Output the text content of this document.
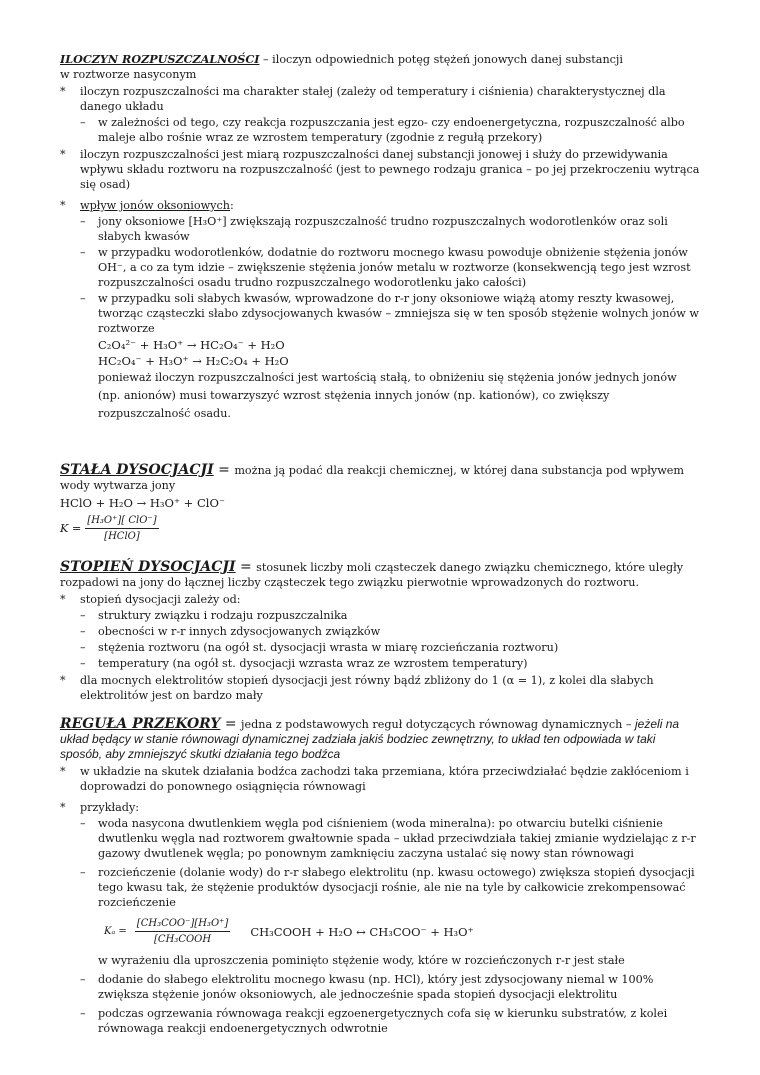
ILOCZYN ROZPUSZCZALNOŚCI – iloczyn odpowiednich potęg stężeń jonowych danej substancji
w roztworze nasyconym
* iloczyn rozpuszczalności ma charakter stałej (zależy od temperatury i ciśnienia) charakterystycznej dla danego układu
– w zależności od tego, czy reakcja rozpuszczania jest egzo- czy endoenergetyczna, rozpuszczalność albo maleje albo rośnie wraz ze wzrostem temperatury (zgodnie z regułą przekory)
* iloczyn rozpuszczalności jest miarą rozpuszczalności danej substancji jonowej i służy do przewidywania wpływu składu roztworu na rozpuszczalność (jest to pewnego rodzaju granica – po jej przekroczeniu wytrąca się osad)
* wpływ jonów oksoniowych:
– jony oksoniowe [H₃O⁺] zwiększają rozpuszczalność trudno rozpuszczalnych wodorotlenków oraz soli słabych kwasów
– w przypadku wodorotlenków, dodatnie do roztworu mocnego kwasu powoduje obniżenie stężenia jonów OH⁻, a co za tym idzie – zwiększenie stężenia jonów metalu w roztworze (konsekwencją tego jest wzrost rozpuszczalności osadu trudno rozpuszczalnego wodorotlenku jako całości)
– w przypadku soli słabych kwasów, wprowadzone do r-r jony oksoniowe wiążą atomy reszty kwasowej, tworząc cząsteczki słabo zdysocjowanych kwasów – zmniejsza się w ten sposób stężenie wolnych jonów w roztworze
C₂O₄²⁻ + H₃O⁺ → HC₂O₄⁻ + H₂O
HC₂O₄⁻ + H₃O⁺ → H₂C₂O₄ + H₂O
ponieważ iloczyn rozpuszczalności jest wartością stałą, to obniżeniu się stężenia jonów jednych jonów (np. anionów) musi towarzyszyć wzrost stężenia innych jonów (np. kationów), co zwiększy rozpuszczalność osadu.
STAŁA DYSOCJACJI = można ją podać dla reakcji chemicznej, w której dana substancja pod wpływem wody wytwarza jony
HClO + H₂O → H₃O⁺ + ClO⁻
$K = \frac{\text{[H₃O⁺][ ClO⁻]}}{\text{[HClO]}}$
STOPIEŃ DYSOCJACJI = stosunek liczby moli cząsteczek danego związku chemicznego, które uległy rozpadowi na jony do łącznej liczby cząsteczek tego związku pierwotnie wprowadzonych do roztworu.
* stopień dysocjacji zależy od:
– struktury związku i rodzaju rozpuszczalnika
– obecności w r-r innych zdysocjowanych związków
– stężenia roztworu (na ogół st. dysocjacji wrasta w miarę rozcieńczania roztworu)
– temperatury (na ogół st. dysocjacji wzrasta wraz ze wzrostem temperatury)
* dla mocnych elektrolitów stopień dysocjacji jest równy bądź zbliżony do 1 (α = 1), z kolei dla słabych elektrolitów jest on bardzo mały
REGUŁA PRZEKORY = jedna z podstawowych reguł dotyczących równowag dynamicznych – jeżeli na układ będący w stanie równowagi dynamicznej zadziała jakiś bodziec zewnętrzny, to układ ten odpowiada w taki sposób, aby zmniejszyć skutki działania tego bodźca
* w układzie na skutek działania bodźca zachodzi taka przemiana, która przeciwdziałać będzie zakłóceniom i doprowadzi do ponownego osiągnięcia równowagi
* przykłady:
– woda nasycona dwutlenkiem węgla pod ciśnieniem (woda mineralna): po otwarciu butelki ciśnienie dwutlenku węgla nad roztworem gwałtownie spada – układ przeciwdziała takiej zmianie wydzielając z r-r gazowy dwutlenek węgla; po ponownym zamknięciu zaczyna ustalać się nowy stan równowagi
– rozcieńczenie (dolanie wody) do r-r słabego elektrolitu (np. kwasu octowego) zwiększa stopień dysocjacji tego kwasu tak, że stężenie produktów dysocjacji rośnie, ale nie na tyle by całkowicie zrekompensować rozcieńczenie
$K_a = \frac{\text{[CH₃COO⁻][H₃O⁺]}}{\text{[CH₃COOH}}$ CH₃COOH + H₂O ↔ CH₃COO⁻ + H₃O⁺
w wyrażeniu dla uproszczenia pominięto stężenie wody, które w rozcieńczonych r-r jest stałe
– dodanie do słabego elektrolitu mocnego kwasu (np. HCl), który jest zdysocjowany niemal w 100% zwiększa stężenie jonów oksoniowych, ale jednocześnie spada stopień dysocjacji elektrolitu
– podczas ogrzewania równowaga reakcji egzoenergetycznych cofa się w kierunku substratów, z kolei równowaga reakcji endoenergetycznych odwrotnie
